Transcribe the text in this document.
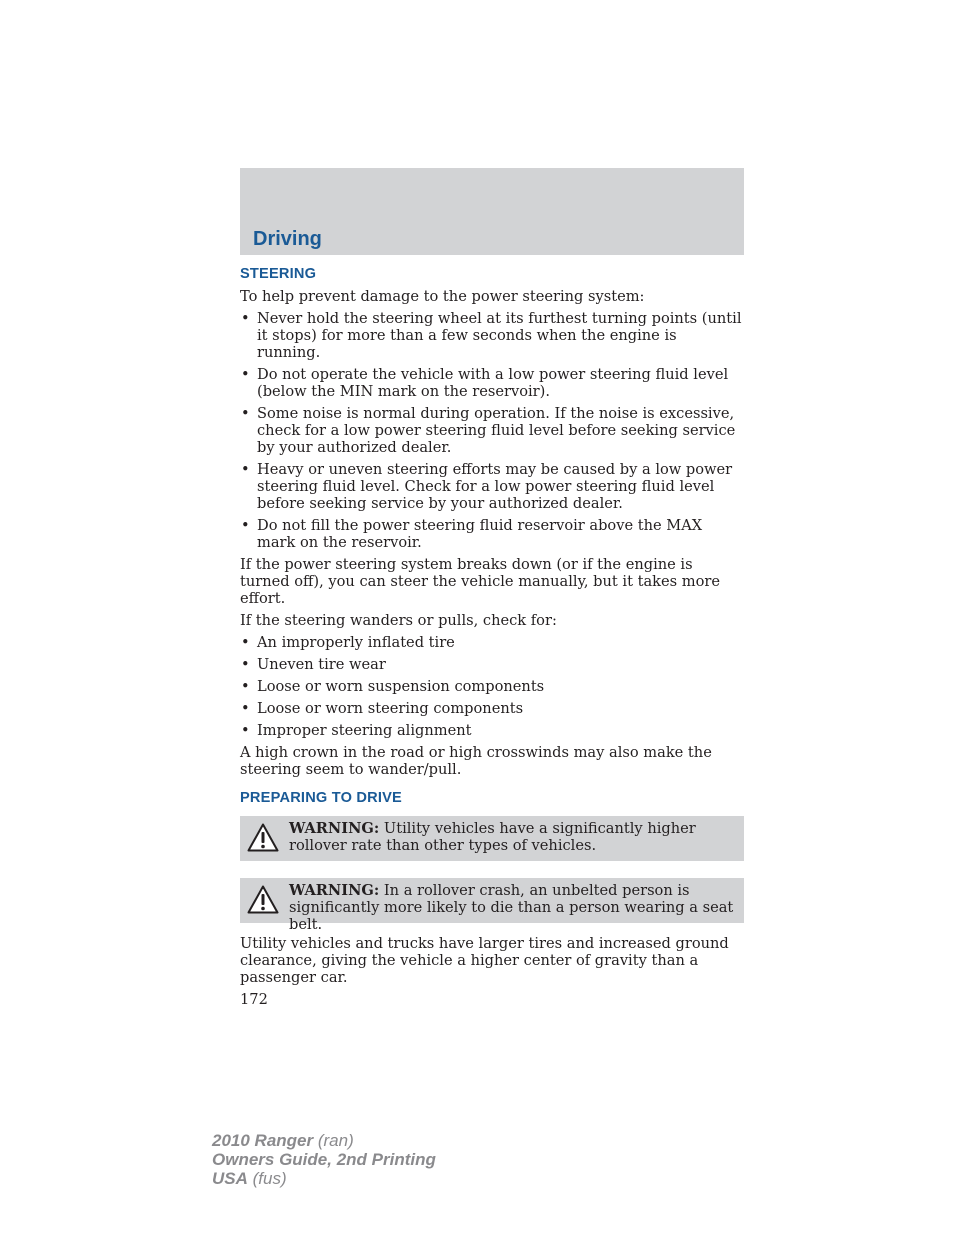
Driving
STEERING
To help prevent damage to the power steering system:
• Never hold the steering wheel at its furthest turning points (until it stops) for more than a few seconds when the engine is running.
• Do not operate the vehicle with a low power steering fluid level (below the MIN mark on the reservoir).
• Some noise is normal during operation. If the noise is excessive, check for a low power steering fluid level before seeking service by your authorized dealer.
• Heavy or uneven steering efforts may be caused by a low power steering fluid level. Check for a low power steering fluid level before seeking service by your authorized dealer.
• Do not fill the power steering fluid reservoir above the MAX mark on the reservoir.
If the power steering system breaks down (or if the engine is turned off), you can steer the vehicle manually, but it takes more effort.
If the steering wanders or pulls, check for:
• An improperly inflated tire
• Uneven tire wear
• Loose or worn suspension components
• Loose or worn steering components
• Improper steering alignment
A high crown in the road or high crosswinds may also make the steering seem to wander/pull.
PREPARING TO DRIVE
WARNING: Utility vehicles have a significantly higher rollover rate than other types of vehicles.
WARNING: In a rollover crash, an unbelted person is significantly more likely to die than a person wearing a seat belt.
Utility vehicles and trucks have larger tires and increased ground clearance, giving the vehicle a higher center of gravity than a passenger car.
172
2010 Ranger (ran)
Owners Guide, 2nd Printing
USA (fus)
